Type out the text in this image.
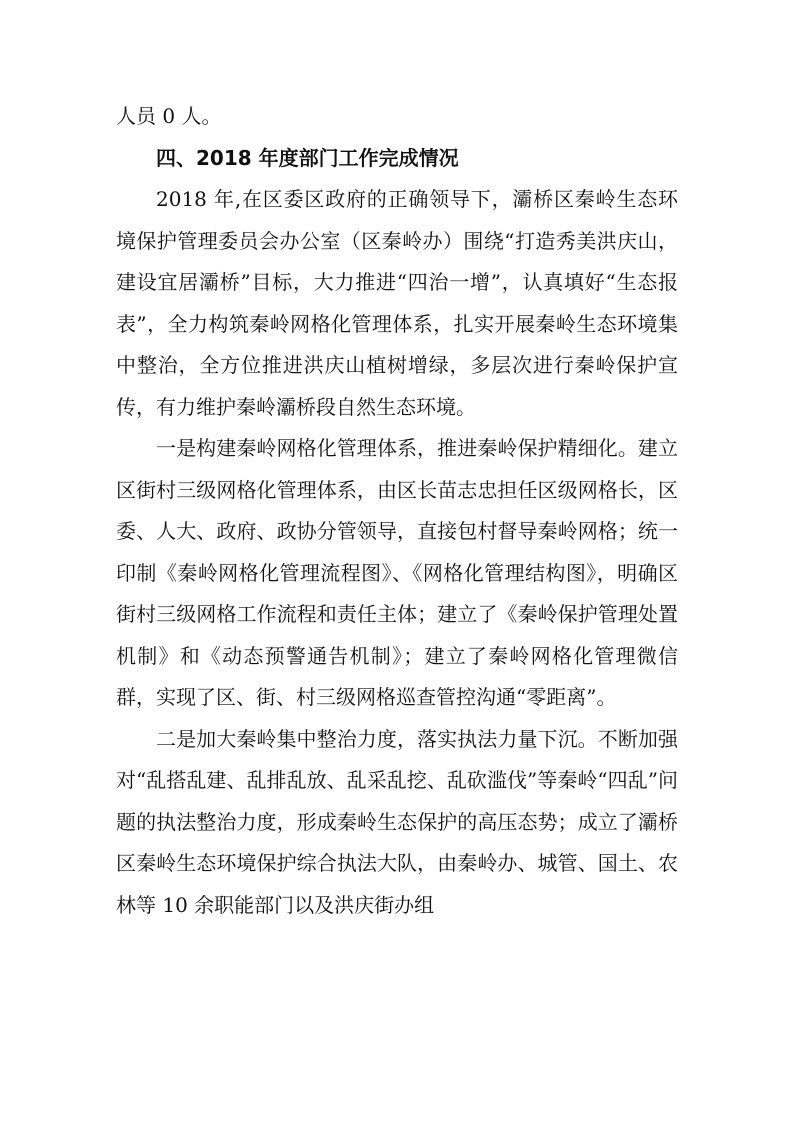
人员 0 人。

四、2018 年度部门工作完成情况

2018 年,在区委区政府的正确领导下，灞桥区秦岭生态环境保护管理委员会办公室（区秦岭办）围绕“打造秀美洪庆山，建设宜居灞桥”目标，大力推进“四治一增”，认真填好“生态报表”，全力构筑秦岭网格化管理体系，扎实开展秦岭生态环境集中整治，全方位推进洪庆山植树增绿，多层次进行秦岭保护宣传，有力维护秦岭灞桥段自然生态环境。

一是构建秦岭网格化管理体系，推进秦岭保护精细化。建立区街村三级网格化管理体系，由区长苗志忠担任区级网格长，区委、人大、政府、政协分管领导，直接包村督导秦岭网格；统一印制《秦岭网格化管理流程图》、《网格化管理结构图》，明确区街村三级网格工作流程和责任主体；建立了《秦岭保护管理处置机制》和《动态预警通告机制》；建立了秦岭网格化管理微信群，实现了区、街、村三级网格巡查管控沟通“零距离”。

二是加大秦岭集中整治力度，落实执法力量下沉。不断加强对“乱搭乱建、乱排乱放、乱采乱挖、乱砍滥伐”等秦岭“四乱”问题的执法整治力度，形成秦岭生态保护的高压态势；成立了灞桥区秦岭生态环境保护综合执法大队，由秦岭办、城管、国土、农林等 10 余职能部门以及洪庆街办组
